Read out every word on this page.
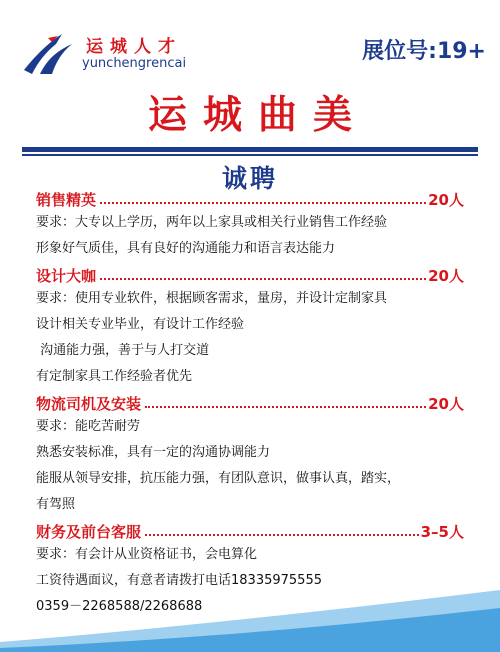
运城人才
yunchengrencai	展位号:19+
运城曲美
诚聘
销售精英	20人
要求：大专以上学历，两年以上家具或相关行业销售工作经验
形象好气质佳，具有良好的沟通能力和语言表达能力
设计大咖	20人
要求：使用专业软件，根据顾客需求，量房，并设计定制家具
设计相关专业毕业，有设计工作经验
沟通能力强，善于与人打交道
有定制家具工作经验者优先
物流司机及安装	20人
要求：能吃苦耐劳
熟悉安装标准，具有一定的沟通协调能力
能服从领导安排，抗压能力强，有团队意识，做事认真，踏实，
有驾照
财务及前台客服	3–5人
要求：有会计从业资格证书，会电算化
工资待遇面议，有意者请拨打电话18335975555
0359－2268588/2268688
